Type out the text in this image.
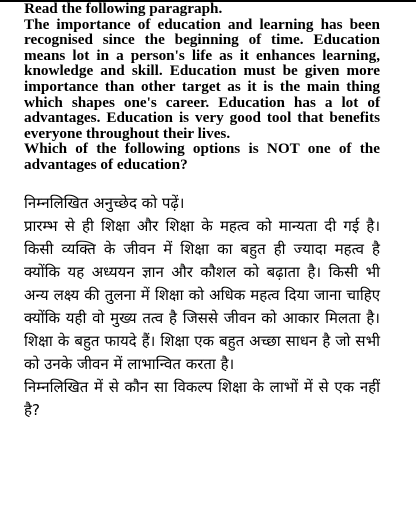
Read the following paragraph.

The importance of education and learning has been recognised since the beginning of time. Education means lot in a person's life as it enhances learning, knowledge and skill. Education must be given more importance than other target as it is the main thing which shapes one's career. Education has a lot of advantages. Education is very good tool that benefits everyone throughout their lives.

Which of the following options is NOT one of the advantages of education?

निम्नलिखित अनुच्छेद को पढ़ें।

प्रारम्भ से ही शिक्षा और शिक्षा के महत्व को मान्यता दी गई है। किसी व्यक्ति के जीवन में शिक्षा का बहुत ही ज्यादा महत्व है क्योंकि यह अध्ययन ज्ञान और कौशल को बढ़ाता है। किसी भी अन्य लक्ष्य की तुलना में शिक्षा को अधिक महत्व दिया जाना चाहिए क्योंकि यही वो मुख्य तत्व है जिससे जीवन को आकार मिलता है। शिक्षा के बहुत फायदे हैं। शिक्षा एक बहुत अच्छा साधन है जो सभी को उनके जीवन में लाभान्वित करता है।

निम्नलिखित में से कौन सा विकल्प शिक्षा के लाभों में से एक नहीं है?
